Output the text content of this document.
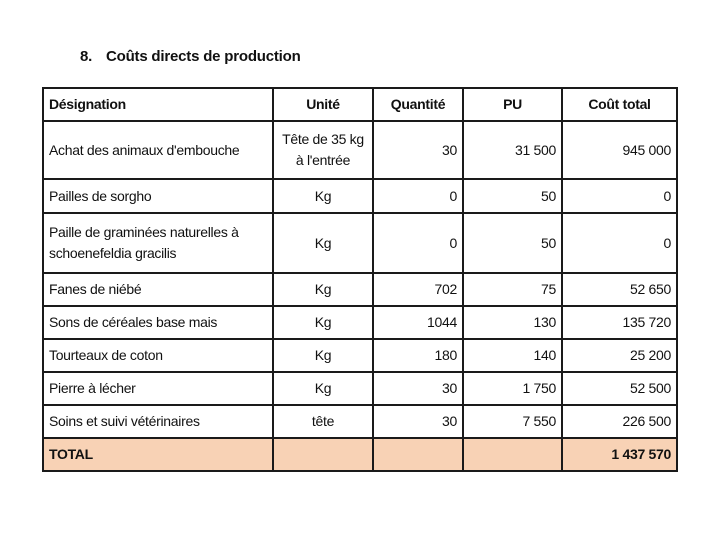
8. Coûts directs de production
Désignation	Unité	Quantité	PU	Coût total
Achat des animaux d'embouche	Tête de 35 kg à l'entrée	30	31 500	945 000
Pailles de sorgho	Kg	0	50	0
Paille de graminées naturelles à schoenefeldia gracilis	Kg	0	50	0
Fanes de niébé	Kg	702	75	52 650
Sons de céréales base mais	Kg	1044	130	135 720
Tourteaux de coton	Kg	180	140	25 200
Pierre à lécher	Kg	30	1 750	52 500
Soins et suivi vétérinaires	tête	30	7 550	226 500
TOTAL				1 437 570
